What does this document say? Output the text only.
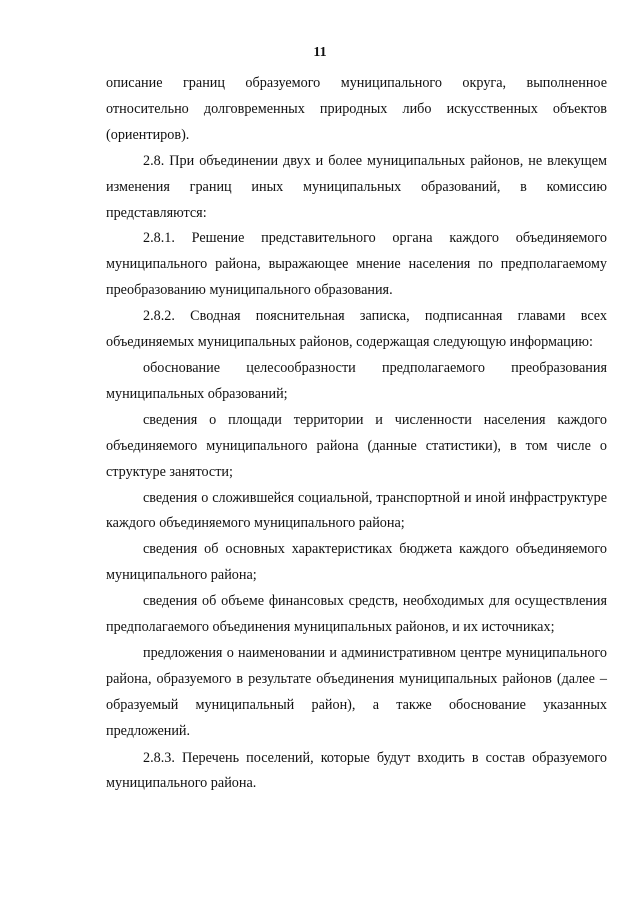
11

описание границ образуемого муниципального округа, выполненное относительно долговременных природных либо искусственных объектов (ориентиров).

2.8. При объединении двух и более муниципальных районов, не влекущем изменения границ иных муниципальных образований, в комиссию представляются:

2.8.1. Решение представительного органа каждого объединяемого муниципального района, выражающее мнение населения по предполагаемому преобразованию муниципального образования.

2.8.2. Сводная пояснительная записка, подписанная главами всех объединяемых муниципальных районов, содержащая следующую информацию:

обоснование целесообразности предполагаемого преобразования муниципальных образований;

сведения о площади территории и численности населения каждого объединяемого муниципального района (данные статистики), в том числе о структуре занятости;

сведения о сложившейся социальной, транспортной и иной инфраструктуре каждого объединяемого муниципального района;

сведения об основных характеристиках бюджета каждого объединяемого муниципального района;

сведения об объеме финансовых средств, необходимых для осуществления предполагаемого объединения муниципальных районов, и их источниках;

предложения о наименовании и административном центре муниципального района, образуемого в результате объединения муниципальных районов (далее – образуемый муниципальный район), а также обоснование указанных предложений.

2.8.3. Перечень поселений, которые будут входить в состав образуемого муниципального района.
